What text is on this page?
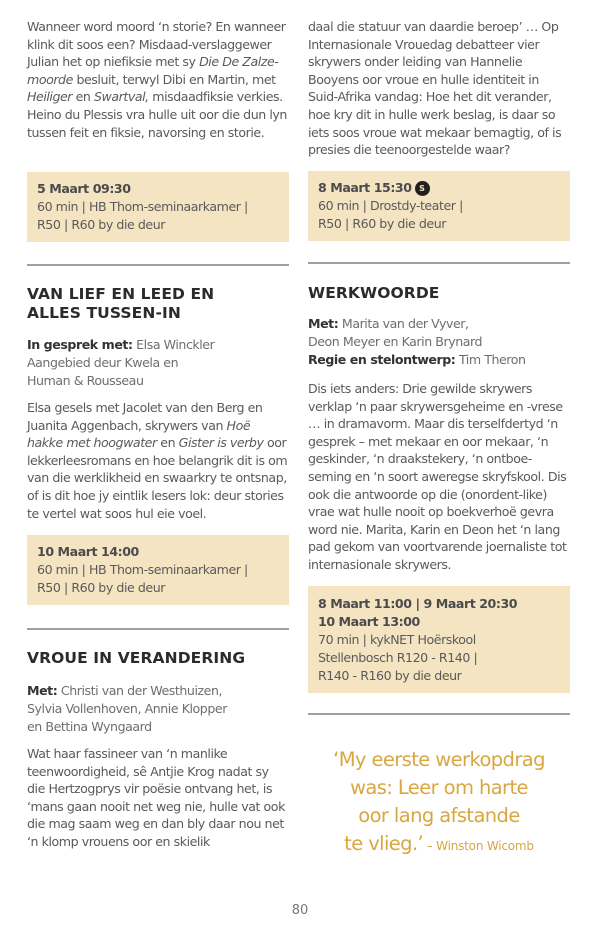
Wanneer word moord ‘n storie? En wanneer klink dit soos een? Misdaad-verslaggewer Julian het op niefiksie met sy Die De Zalze-moorde besluit, terwyl Dibi en Martin, met Heiliger en Swartval, misdaadfiksie verkies. Heino du Plessis vra hulle uit oor die dun lyn tussen feit en fiksie, navorsing en storie.

5 Maart 09:30
60 min | HB Thom-seminaarkamer |
R50 | R60 by die deur
VAN LIEF EN LEED EN
ALLES TUSSEN-IN
In gesprek met: Elsa Winckler
Aangebied deur Kwela en
Human & Rousseau

Elsa gesels met Jacolet van den Berg en Juanita Aggenbach, skrywers van Hoë hakke met hoogwater en Gister is verby oor lekkerleesromans en hoe belangrik dit is om van die werklikheid en swaarkry te ontsnap, of is dit hoe jy eintlik lesers lok: deur stories te vertel wat soos hul eie voel.

10 Maart 14:00
60 min | HB Thom-seminaarkamer |
R50 | R60 by die deur
VROUE IN VERANDERING
Met: Christi van der Westhuizen,
Sylvia Vollenhoven, Annie Klopper
en Bettina Wyngaard

Wat haar fassineer van ‘n manlike teenwoordigheid, sê Antjie Krog nadat sy die Hertzogprys vir poësie ontvang het, is ‘mans gaan nooit net weg nie, hulle vat ook die mag saam weg en dan bly daar nou net ‘n klomp vrouens oor en skielik

daal die statuur van daardie beroep’ … Op Internasionale Vrouedag debatteer vier skrywers onder leiding van Hannelie Booyens oor vroue en hulle identiteit in Suid-Afrika vandag: Hoe het dit verander, hoe kry dit in hulle werk beslag, is daar so iets soos vroue wat mekaar bemagtig, of is presies die teenoorgestelde waar?

8 Maart 15:30 S
60 min | Drostdy-teater |
R50 | R60 by die deur
WERKWOORDE
Met: Marita van der Vyver,
Deon Meyer en Karin Brynard
Regie en stelontwerp: Tim Theron

Dis iets anders: Drie gewilde skrywers verklap ‘n paar skrywersgeheime en -vrese … in dramavorm. Maar dis terselfdertyd ‘n gesprek – met mekaar en oor mekaar, ‘n geskinder, ‘n draakstekery, ‘n ontboe-seming en ‘n soort aweregse skryfskool. Dis ook die antwoorde op die (onordent-like) vrae wat hulle nooit op boekverhoë gevra word nie. Marita, Karin en Deon het ‘n lang pad gekom van voortvarende joernaliste tot internasionale skrywers.

8 Maart 11:00 | 9 Maart 20:30
10 Maart 13:00
70 min | kykNET Hoërskool
Stellenbosch R120 - R140 |
R140 - R160 by die deur
‘My eerste werkopdrag
was: Leer om harte
oor lang afstande
te vlieg.’ – Winston Wicomb
80
